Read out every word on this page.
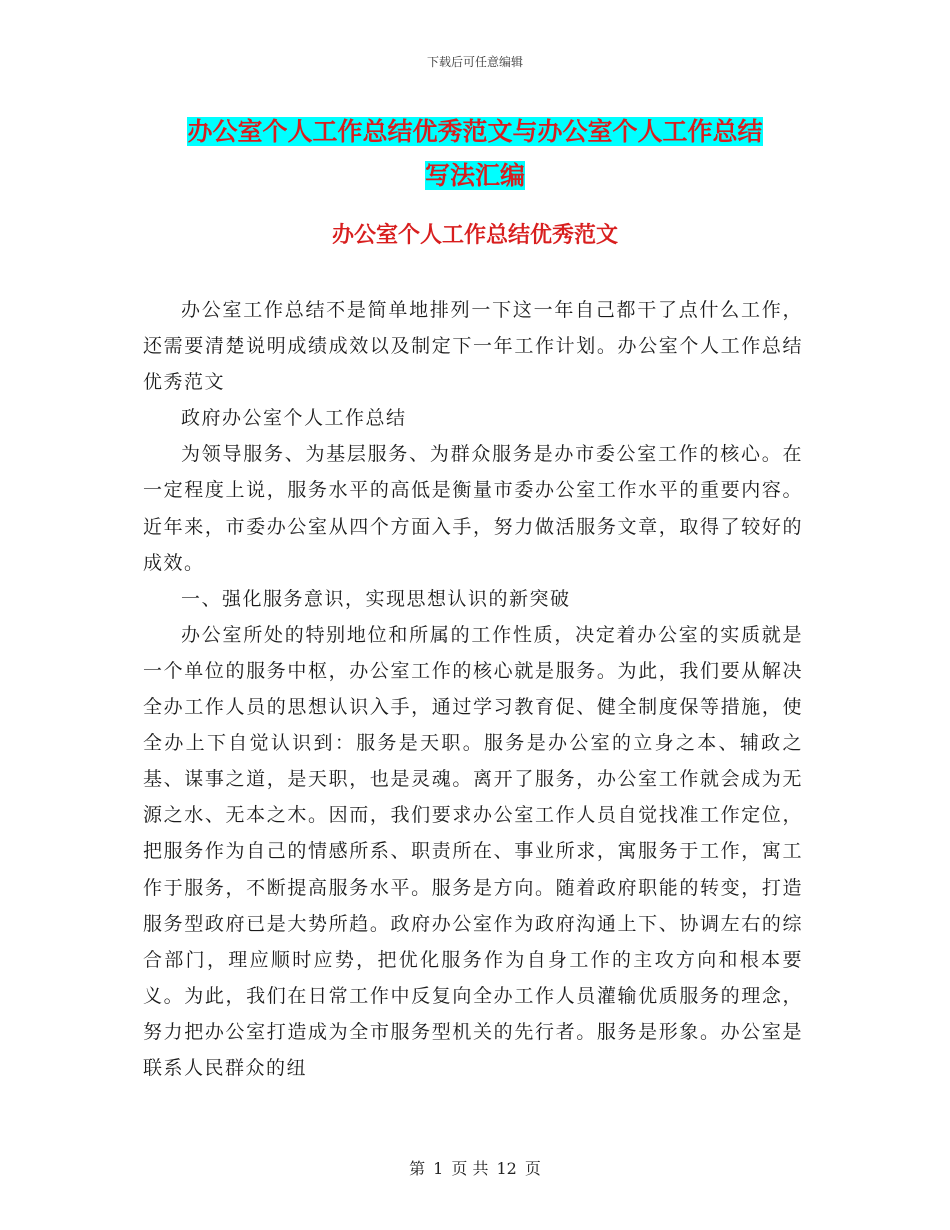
下载后可任意编辑
办公室个人工作总结优秀范文与办公室个人工作总结
写法汇编
办公室个人工作总结优秀范文

办公室工作总结不是简单地排列一下这一年自己都干了点什么工作，还需要清楚说明成绩成效以及制定下一年工作计划。办公室个人工作总结优秀范文

政府办公室个人工作总结

为领导服务、为基层服务、为群众服务是办市委公室工作的核心。在一定程度上说，服务水平的高低是衡量市委办公室工作水平的重要内容。近年来，市委办公室从四个方面入手，努力做活服务文章，取得了较好的成效。

一、强化服务意识，实现思想认识的新突破

办公室所处的特别地位和所属的工作性质，决定着办公室的实质就是一个单位的服务中枢，办公室工作的核心就是服务。为此，我们要从解决全办工作人员的思想认识入手，通过学习教育促、健全制度保等措施，使全办上下自觉认识到：服务是天职。服务是办公室的立身之本、辅政之基、谋事之道，是天职，也是灵魂。离开了服务，办公室工作就会成为无源之水、无本之木。因而，我们要求办公室工作人员自觉找准工作定位，把服务作为自己的情感所系、职责所在、事业所求，寓服务于工作，寓工作于服务，不断提高服务水平。服务是方向。随着政府职能的转变，打造服务型政府已是大势所趋。政府办公室作为政府沟通上下、协调左右的综合部门，理应顺时应势，把优化服务作为自身工作的主攻方向和根本要义。为此，我们在日常工作中反复向全办工作人员灌输优质服务的理念，努力把办公室打造成为全市服务型机关的先行者。服务是形象。办公室是联系人民群众的纽

第 1 页 共 12 页
